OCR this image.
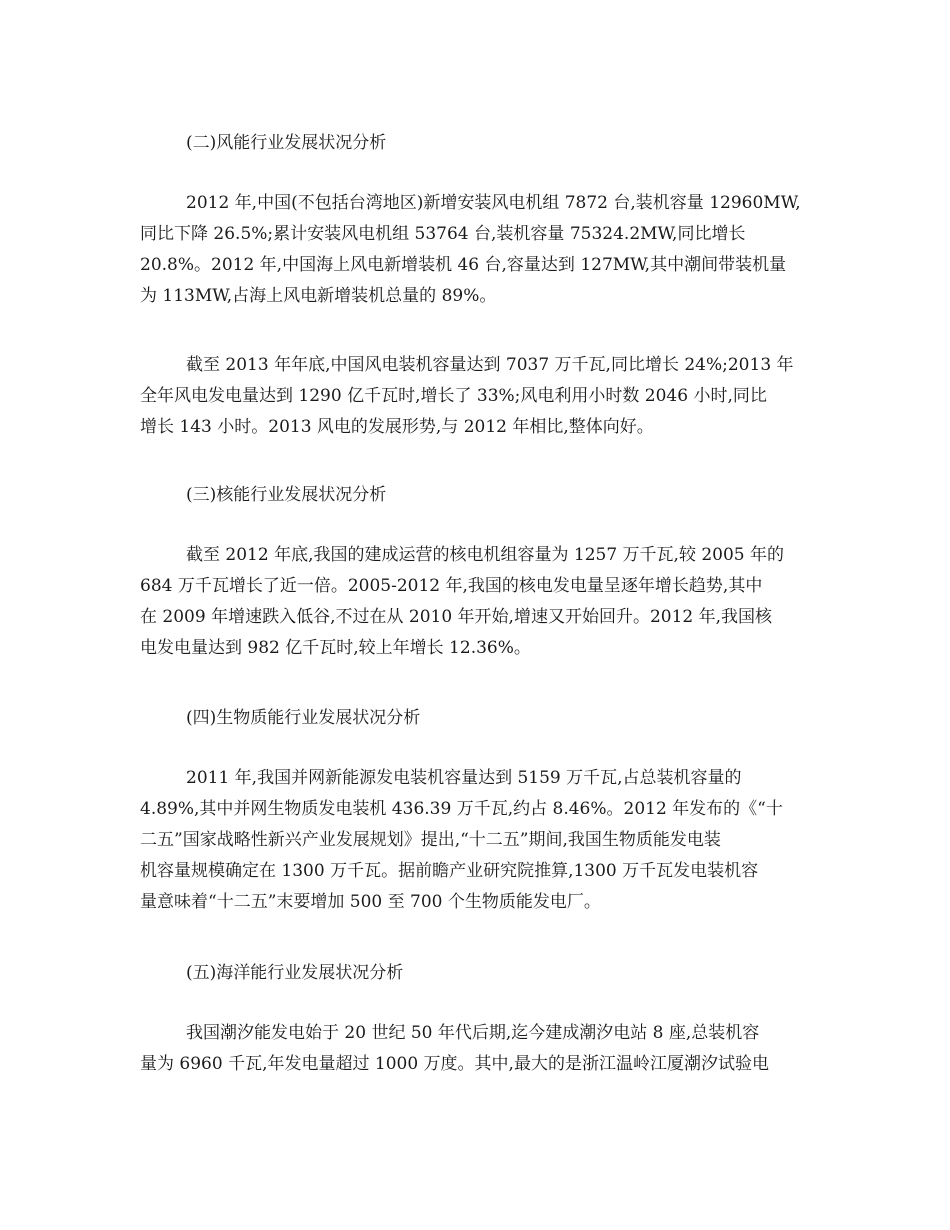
(二)风能行业发展状况分析
2012 年,中国(不包括台湾地区)新增安装风电机组 7872 台,装机容量 12960MW,
同比下降 26.5%;累计安装风电机组 53764 台,装机容量 75324.2MW,同比增长
20.8%。2012 年,中国海上风电新增装机 46 台,容量达到 127MW,其中潮间带装机量
为 113MW,占海上风电新增装机总量的 89%。
截至 2013 年年底,中国风电装机容量达到 7037 万千瓦,同比增长 24%;2013 年
全年风电发电量达到 1290 亿千瓦时,增长了 33%;风电利用小时数 2046 小时,同比
增长 143 小时。2013 风电的发展形势,与 2012 年相比,整体向好。
(三)核能行业发展状况分析
截至 2012 年底,我国的建成运营的核电机组容量为 1257 万千瓦,较 2005 年的
684 万千瓦增长了近一倍。2005-2012 年,我国的核电发电量呈逐年增长趋势,其中
在 2009 年增速跌入低谷,不过在从 2010 年开始,增速又开始回升。2012 年,我国核
电发电量达到 982 亿千瓦时,较上年增长 12.36%。
(四)生物质能行业发展状况分析
2011 年,我国并网新能源发电装机容量达到 5159 万千瓦,占总装机容量的
4.89%,其中并网生物质发电装机 436.39 万千瓦,约占 8.46%。2012 年发布的《“十
二五”国家战略性新兴产业发展规划》提出,“十二五”期间,我国生物质能发电装
机容量规模确定在 1300 万千瓦。据前瞻产业研究院推算,1300 万千瓦发电装机容
量意味着“十二五”末要增加 500 至 700 个生物质能发电厂。
(五)海洋能行业发展状况分析
我国潮汐能发电始于 20 世纪 50 年代后期,迄今建成潮汐电站 8 座,总装机容
量为 6960 千瓦,年发电量超过 1000 万度。其中,最大的是浙江温岭江厦潮汐试验电
